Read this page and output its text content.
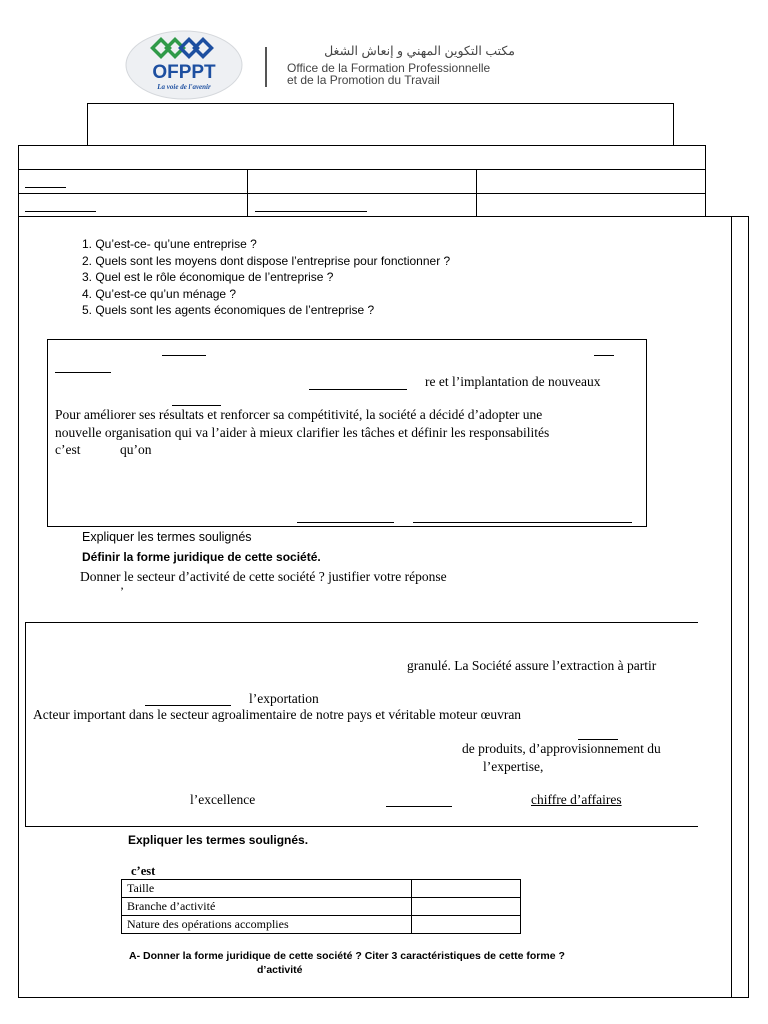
OFPPT
La voie de l'avenir
مكتب التكوين المهني و إنعاش الشغل
Office de la Formation Professionnelle
et de la Promotion du Travail
1. Qu’est-ce- qu’une entreprise ?
2. Quels sont les moyens dont dispose l’entreprise pour fonctionner ?
3. Quel est le rôle économique de l’entreprise ?
4. Qu’est-ce qu’un ménage ?
5. Quels sont les agents économiques de l’entreprise ?
re et l’implantation de nouveaux
Pour améliorer ses résultats et renforcer sa compétitivité, la société a décidé d’adopter une
nouvelle organisation qui va l’aider à mieux clarifier les tâches et définir les responsabilités
c’est	qu’on
Expliquer les termes soulignés
Définir la forme juridique de cette société.
Donner le secteur d’activité de cette société ? justifier votre réponse
’
granulé. La Société assure l’extraction à partir
l’exportation
Acteur important dans le secteur agroalimentaire de notre pays et véritable moteur œuvran
de produits, d’approvisionnement du
l’expertise,
l’excellence	chiffre d’affaires
Expliquer les termes soulignés.
c’est
Taille	
Branche d’activité	
Nature des opérations accomplies	
A- Donner la forme juridique de cette société ? Citer 3 caractéristiques de cette forme ?
d’activité
